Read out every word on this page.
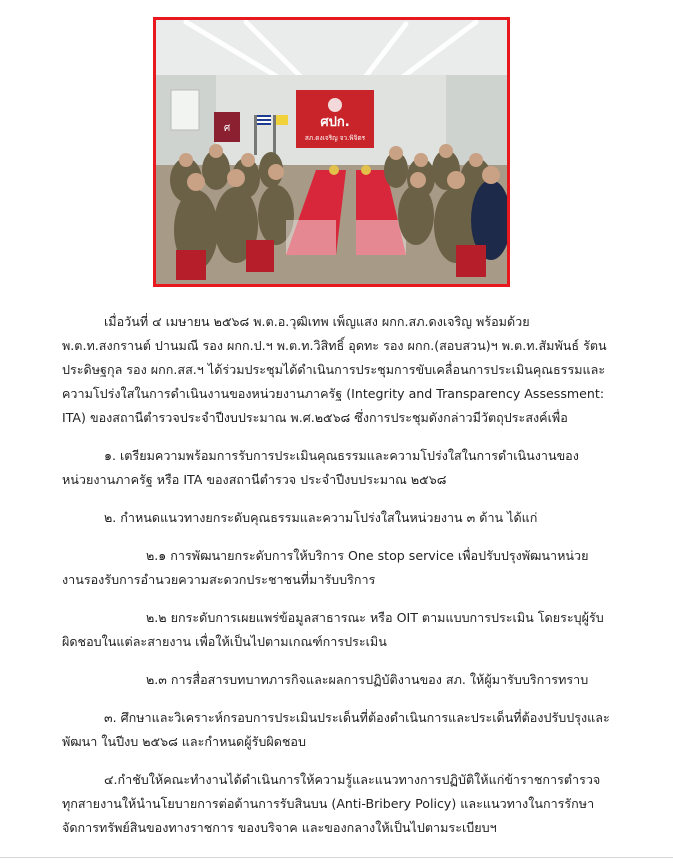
ศปก.
สภ.ดงเจริญ จว.พิจิตร
ศ

เมื่อวันที่ ๔ เมษายน ๒๕๖๘ พ.ต.อ.วุฒิเทพ เพ็ญแสง ผกก.สภ.ดงเจริญ พร้อมด้วย พ.ต.ท.สงกรานต์ ปานมณี รอง ผกก.ป.ฯ พ.ต.ท.วิสิทธิ์ อุดทะ รอง ผกก.(สอบสวน)ฯ พ.ต.ท.สัมพันธ์ รัตนประดิษฐกุล รอง ผกก.สส.ฯ ได้ร่วมประชุมได้ดำเนินการประชุมการขับเคลื่อนการประเมินคุณธรรมและความโปร่งใสในการดำเนินงานของหน่วยงานภาครัฐ (Integrity and Transparency Assessment: ITA) ของสถานีตำรวจประจำปีงบประมาณ พ.ศ.๒๕๖๘ ซึ่งการประชุมดังกล่าวมีวัตถุประสงค์เพื่อ

๑. เตรียมความพร้อมการรับการประเมินคุณธรรมและความโปร่งใสในการดำเนินงานของหน่วยงานภาครัฐ หรือ ITA ของสถานีตำรวจ ประจำปีงบประมาณ ๒๕๖๘

๒. กำหนดแนวทางยกระดับคุณธรรมและความโปร่งใสในหน่วยงาน ๓ ด้าน ได้แก่

๒.๑ การพัฒนายกระดับการให้บริการ One stop service เพื่อปรับปรุงพัฒนาหน่วยงานรองรับการอำนวยความสะดวกประชาชนที่มารับบริการ

๒.๒ ยกระดับการเผยแพร่ข้อมูลสาธารณะ หรือ OIT ตามแบบการประเมิน โดยระบุผู้รับผิดชอบในแต่ละสายงาน เพื่อให้เป็นไปตามเกณฑ์การประเมิน

๒.๓ การสื่อสารบทบาทภารกิจและผลการปฏิบัติงานของ สภ. ให้ผู้มารับบริการทราบ

๓. ศึกษาและวิเคราะห์กรอบการประเมินประเด็นที่ต้องดำเนินการและประเด็นที่ต้องปรับปรุงและพัฒนา ในปีงบ ๒๕๖๘ และกำหนดผู้รับผิดชอบ

๔.กำชับให้คณะทำงานได้ดำเนินการให้ความรู้และแนวทางการปฏิบัติให้แก่ข้าราชการตำรวจทุกสายงานให้นำนโยบายการต่อต้านการรับสินบน (Anti-Bribery Policy) และแนวทางในการรักษาจัดการทรัพย์สินของทางราชการ ของบริจาค และของกลางให้เป็นไปตามระเบียบฯ
